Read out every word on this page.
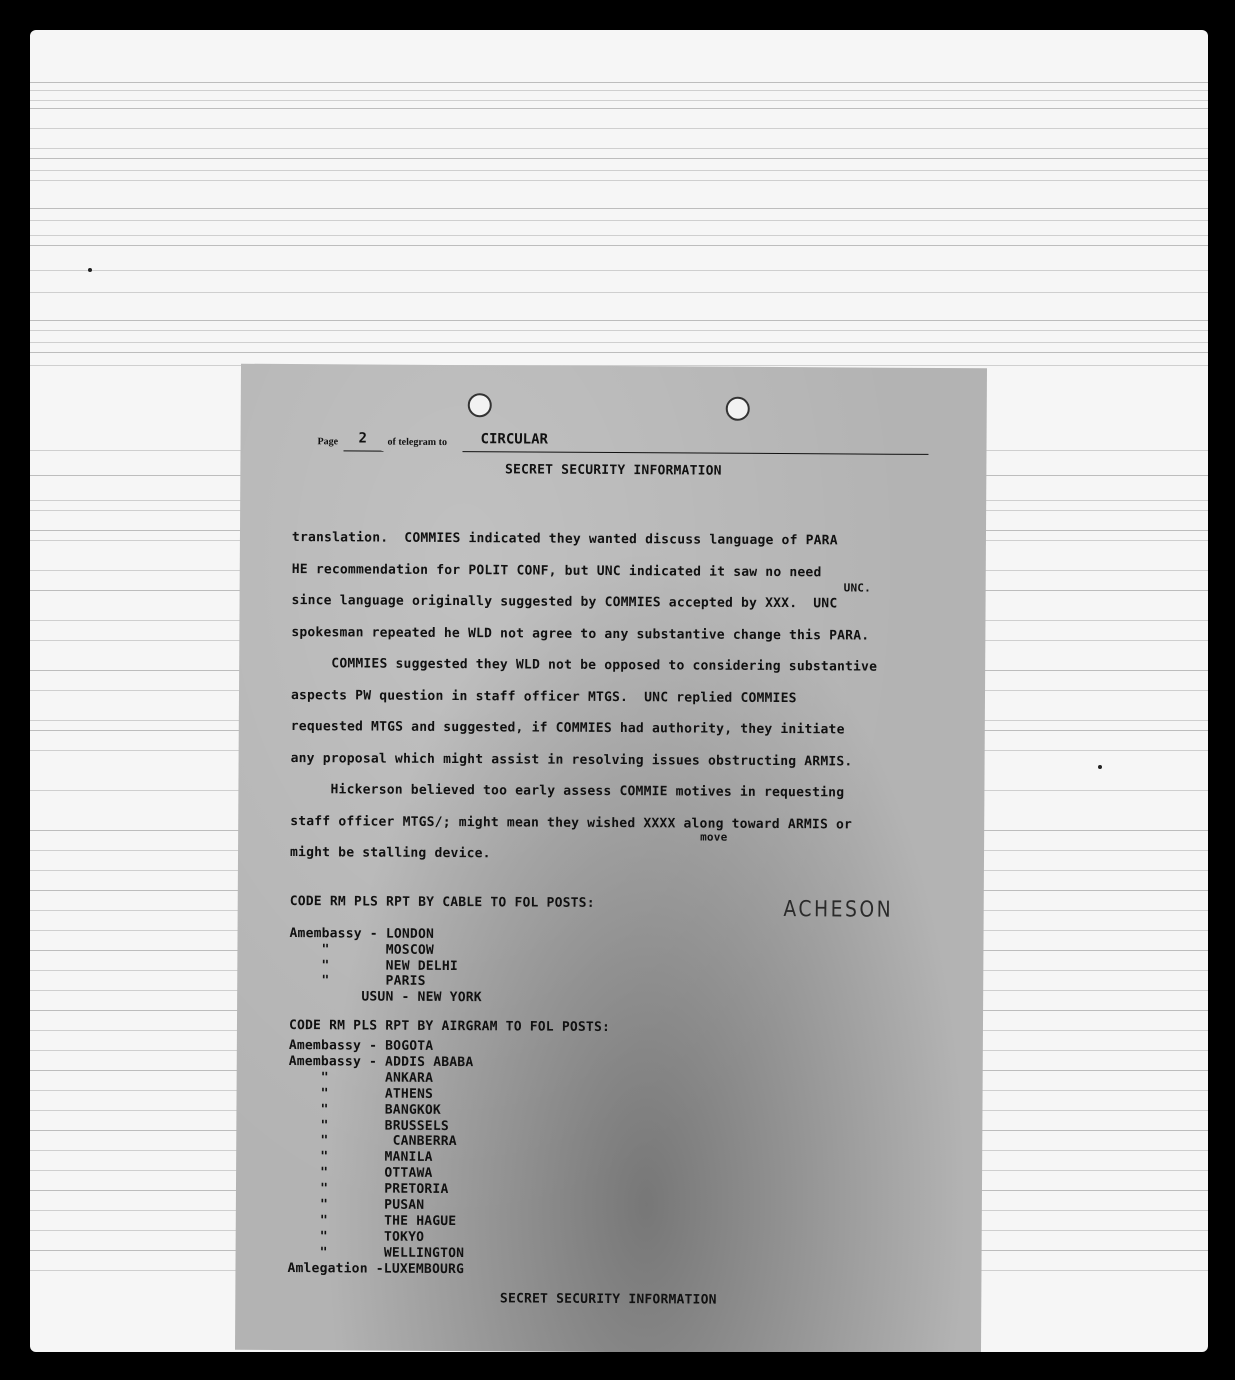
Page 2 of telegram to CIRCULAR
SECRET SECURITY INFORMATION
translation.  COMMIES indicated they wanted discuss language of PARA
HE recommendation for POLIT CONF, but UNC indicated it saw no need
since language originally suggested by COMMIES accepted by XXX.  UNC
spokesman repeated he WLD not agree to any substantive change this PARA.
COMMIES suggested they WLD not be opposed to considering substantive
aspects PW question in staff officer MTGS.  UNC replied COMMIES
requested MTGS and suggested, if COMMIES had authority, they initiate
any proposal which might assist in resolving issues obstructing ARMIS.
Hickerson believed too early assess COMMIE motives in requesting
staff officer MTGS/; might mean they wished XXXX along toward ARMIS or
might be stalling device.
UNC.
move
ACHESON
CODE RM PLS RPT BY CABLE TO FOL POSTS:
Amembassy - LONDON
"       MOSCOW
"       NEW DELHI
"       PARIS
USUN - NEW YORK
CODE RM PLS RPT BY AIRGRAM TO FOL POSTS:
Amembassy - BOGOTA
Amembassy - ADDIS ABABA
"       ANKARA
"       ATHENS
"       BANGKOK
"       BRUSSELS
"        CANBERRA
"       MANILA
"       OTTAWA
"       PRETORIA
"       PUSAN
"       THE HAGUE
"       TOKYO
"       WELLINGTON
Amlegation -LUXEMBOURG
SECRET SECURITY INFORMATION
